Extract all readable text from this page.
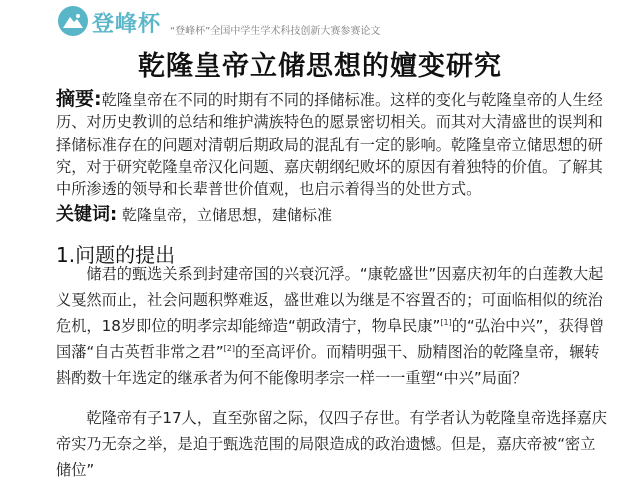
登峰杯 “登峰杯”全国中学生学术科技创新大赛参赛论文
乾隆皇帝立储思想的嬗变研究
摘要:乾隆皇帝在不同的时期有不同的择储标准。这样的变化与乾隆皇帝的人生经历、对历史教训的总结和维护满族特色的愿景密切相关。而其对大清盛世的误判和择储标准存在的问题对清朝后期政局的混乱有一定的影响。乾隆皇帝立储思想的研究，对于研究乾隆皇帝汉化问题、嘉庆朝纲纪败坏的原因有着独特的价值。了解其中所渗透的领导和长辈普世价值观，也启示着得当的处世方式。
关键词: 乾隆皇帝，立储思想，建储标准
1.问题的提出
储君的甄选关系到封建帝国的兴衰沉浮。“康乾盛世”因嘉庆初年的白莲教大起义戛然而止，社会问题积弊难返，盛世难以为继是不容置否的；可面临相似的统治危机，18岁即位的明孝宗却能缔造“朝政清宁，物阜民康”[1]的“弘治中兴”，获得曾国藩“自古英哲非常之君”[2]的至高评价。而精明强干、励精图治的乾隆皇帝，辗转斟酌数十年选定的继承者为何不能像明孝宗一样一一重塑“中兴”局面？
乾隆帝有子17人，直至弥留之际，仅四子存世。有学者认为乾隆皇帝选择嘉庆帝实乃无奈之举，是迫于甄选范围的局限造成的政治遗憾。但是，嘉庆帝被“密立储位”
